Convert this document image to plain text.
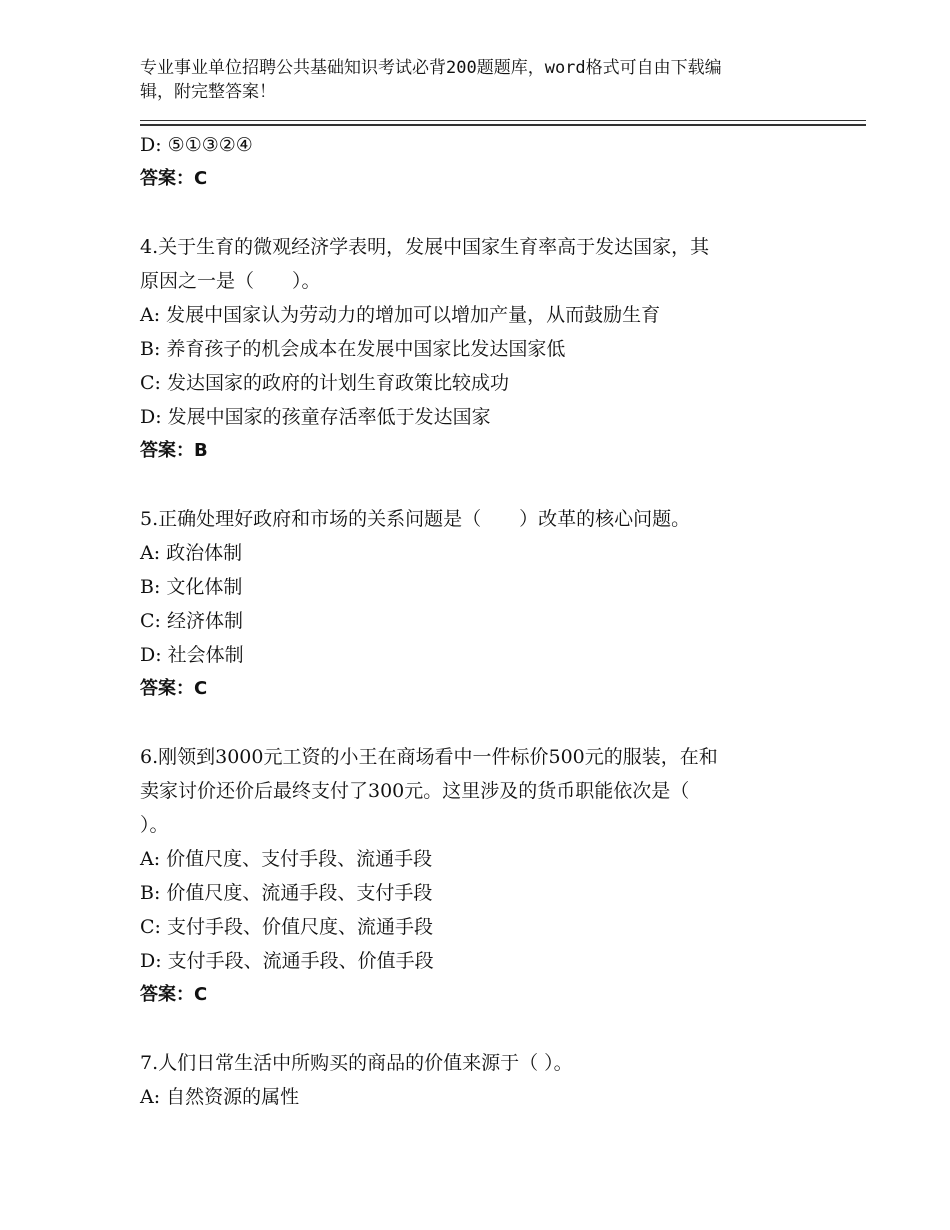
专业事业单位招聘公共基础知识考试必背200题题库，word格式可自由下载编
辑，附完整答案！
D: ⑤①③②④
答案：C
4.关于生育的微观经济学表明，发展中国家生育率高于发达国家，其
原因之一是（　　）。
A: 发展中国家认为劳动力的增加可以增加产量，从而鼓励生育
B: 养育孩子的机会成本在发展中国家比发达国家低
C: 发达国家的政府的计划生育政策比较成功
D: 发展中国家的孩童存活率低于发达国家
答案：B
5.正确处理好政府和市场的关系问题是（　　）改革的核心问题。
A: 政治体制
B: 文化体制
C: 经济体制
D: 社会体制
答案：C
6.刚领到3000元工资的小王在商场看中一件标价500元的服装，在和
卖家讨价还价后最终支付了300元。这里涉及的货币职能依次是（
）。
A: 价值尺度、支付手段、流通手段
B: 价值尺度、流通手段、支付手段
C: 支付手段、价值尺度、流通手段
D: 支付手段、流通手段、价值手段
答案：C
7.人们日常生活中所购买的商品的价值来源于（ ）。
A: 自然资源的属性
